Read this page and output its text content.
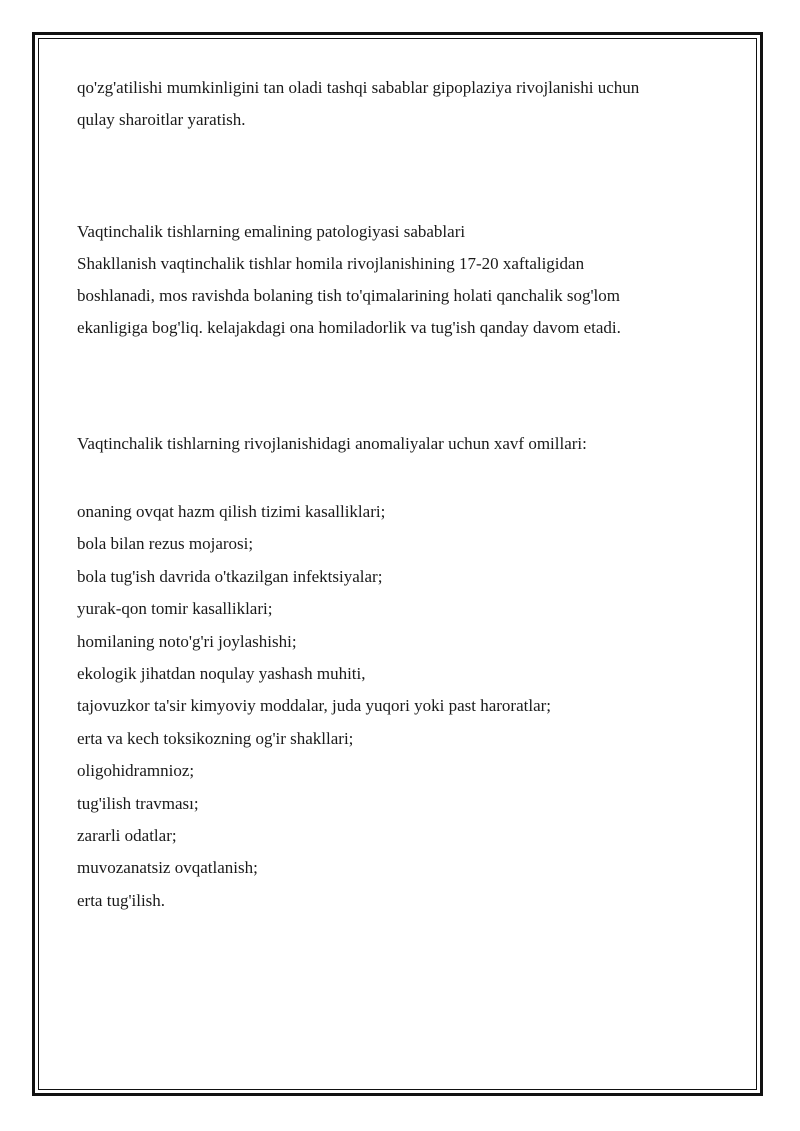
qo'zg'atilishi mumkinligini tan oladi tashqi sabablar gipoplaziya rivojlanishi uchun

qulay sharoitlar yaratish.

Vaqtinchalik tishlarning emalining patologiyasi sabablari

Shakllanish vaqtinchalik tishlar homila rivojlanishining 17-20 xaftaligidan

boshlanadi, mos ravishda bolaning tish to'qimalarining holati qanchalik sog'lom

ekanligiga bog'liq. kelajakdagi ona homiladorlik va tug'ish qanday davom etadi.

Vaqtinchalik tishlarning rivojlanishidagi anomaliyalar uchun xavf omillari:

onaning ovqat hazm qilish tizimi kasalliklari;
bola bilan rezus mojarosi;
bola tug'ish davrida o'tkazilgan infektsiyalar;
yurak-qon tomir kasalliklari;
homilaning noto'g'ri joylashishi;
ekologik jihatdan noqulay yashash muhiti,
tajovuzkor ta'sir kimyoviy moddalar, juda yuqori yoki past haroratlar;
erta va kech toksikozning og'ir shakllari;
oligohidramnioz;
tug'ilish travması;
zararli odatlar;
muvozanatsiz ovqatlanish;
erta tug'ilish.
